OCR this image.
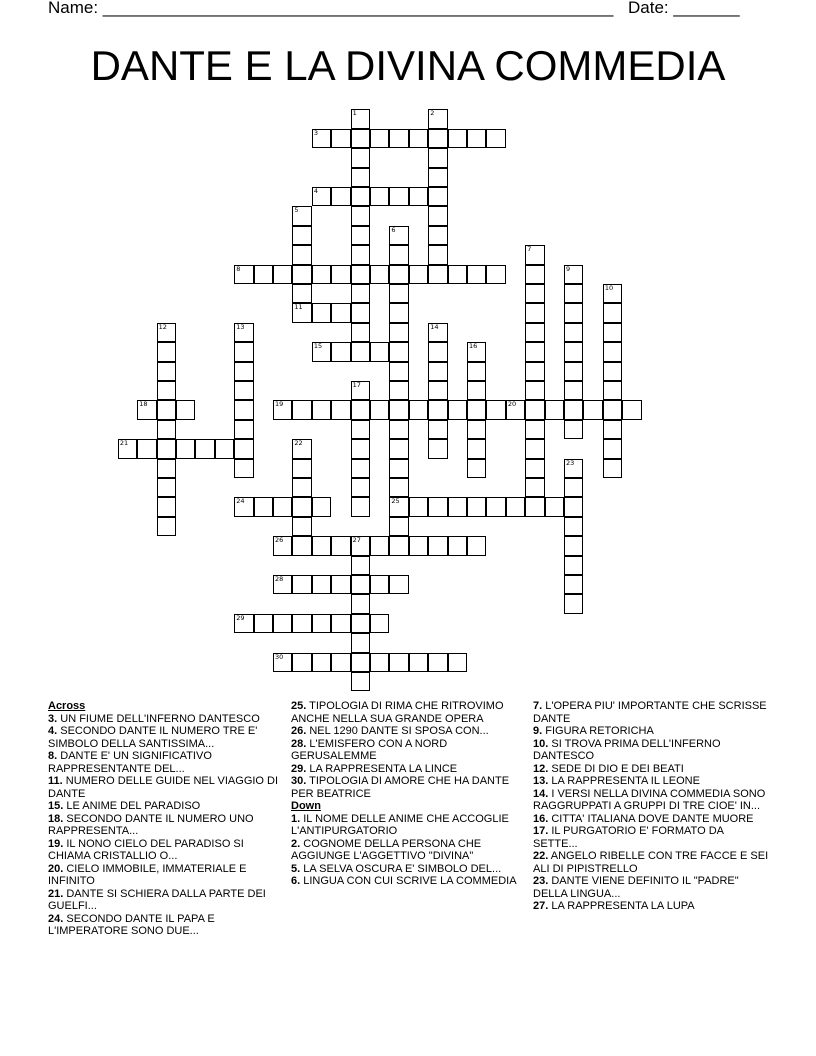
Name: ______________________________________________________ Date: _______
DANTE E LA DIVINA COMMEDIA
1	2
3
4
5
11
6
25
7
8	9
10
12	13	14
15	16
17
18	19	20
21	22
23
24
26	27
28
29
30
Across
3. UN FIUME DELL'INFERNO DANTESCO
4. SECONDO DANTE IL NUMERO TRE E' SIMBOLO DELLA SANTISSIMA...
8. DANTE E' UN SIGNIFICATIVO RAPPRESENTANTE DEL...
11. NUMERO DELLE GUIDE NEL VIAGGIO DI DANTE
15. LE ANIME DEL PARADISO
18. SECONDO DANTE IL NUMERO UNO RAPPRESENTA...
19. IL NONO CIELO DEL PARADISO SI CHIAMA CRISTALLIO O...
20. CIELO IMMOBILE, IMMATERIALE E INFINITO
21. DANTE SI SCHIERA DALLA PARTE DEI GUELFI...
24. SECONDO DANTE IL PAPA E L'IMPERATORE SONO DUE...
25. TIPOLOGIA DI RIMA CHE RITROVIMO ANCHE NELLA SUA GRANDE OPERA
26. NEL 1290 DANTE SI SPOSA CON...
28. L'EMISFERO CON A NORD GERUSALEMME
29. LA RAPPRESENTA LA LINCE
30. TIPOLOGIA DI AMORE CHE HA DANTE PER BEATRICE
Down
1. IL NOME DELLE ANIME CHE ACCOGLIE L'ANTIPURGATORIO
2. COGNOME DELLA PERSONA CHE AGGIUNGE L'AGGETTIVO "DIVINA"
5. LA SELVA OSCURA E' SIMBOLO DEL...
6. LINGUA CON CUI SCRIVE LA COMMEDIA
7. L'OPERA PIU' IMPORTANTE CHE SCRISSE DANTE
9. FIGURA RETORICHA
10. SI TROVA PRIMA DELL'INFERNO DANTESCO
12. SEDE DI DIO E DEI BEATI
13. LA RAPPRESENTA IL LEONE
14. I VERSI NELLA DIVINA COMMEDIA SONO RAGGRUPPATI A GRUPPI DI TRE CIOE' IN...
16. CITTA' ITALIANA DOVE DANTE MUORE
17. IL PURGATORIO E' FORMATO DA SETTE...
22. ANGELO RIBELLE CON TRE FACCE E SEI ALI DI PIPISTRELLO
23. DANTE VIENE DEFINITO IL "PADRE" DELLA LINGUA...
27. LA RAPPRESENTA LA LUPA
